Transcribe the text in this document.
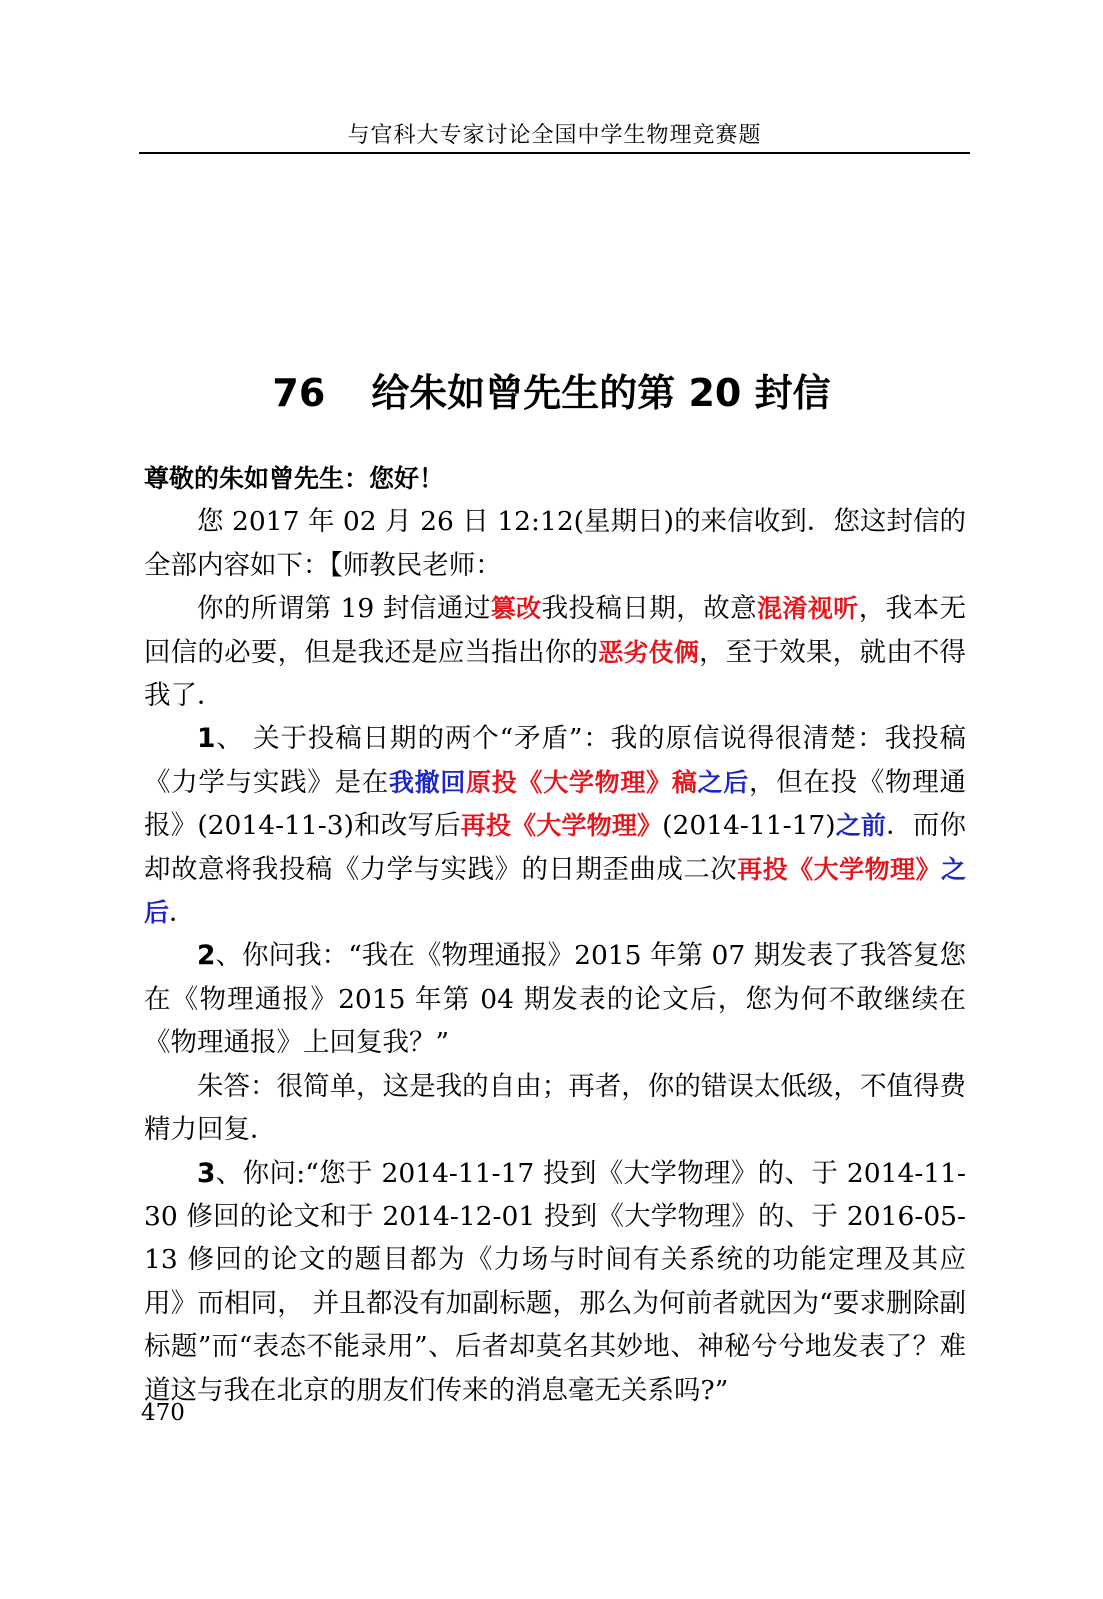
与官科大专家讨论全国中学生物理竞赛题
76 给朱如曾先生的第 20 封信

尊敬的朱如曾先生：您好！

您 2017 年 02 月 26 日 12:12(星期日)的来信收到．您这封信的全部内容如下：【师教民老师：

你的所谓第 19 封信通过篡改我投稿日期，故意混淆视听，我本无回信的必要，但是我还是应当指出你的恶劣伎俩，至于效果，就由不得我了．

1、 关于投稿日期的两个“矛盾”：我的原信说得很清楚：我投稿《力学与实践》是在我撤回原投《大学物理》稿之后，但在投《物理通报》(2014-11-3)和改写后再投《大学物理》(2014-11-17)之前．而你却故意将我投稿《力学与实践》的日期歪曲成二次再投《大学物理》之后．

2、你问我：“我在《物理通报》2015 年第 07 期发表了我答复您在《物理通报》2015 年第 04 期发表的论文后，您为何不敢继续在《物理通报》上回复我？”

朱答：很简单，这是我的自由；再者，你的错误太低级，不值得费精力回复．

3、你问:“您于 2014-11-17 投到《大学物理》的、于 2014-11-30 修回的论文和于 2014-12-01 投到《大学物理》的、于 2016-05-13 修回的论文的题目都为《力场与时间有关系统的功能定理及其应用》而相同， 并且都没有加副标题，那么为何前者就因为“要求删除副标题”而“表态不能录用”、后者却莫名其妙地、神秘兮兮地发表了？难道这与我在北京的朋友们传来的消息毫无关系吗?”

470
